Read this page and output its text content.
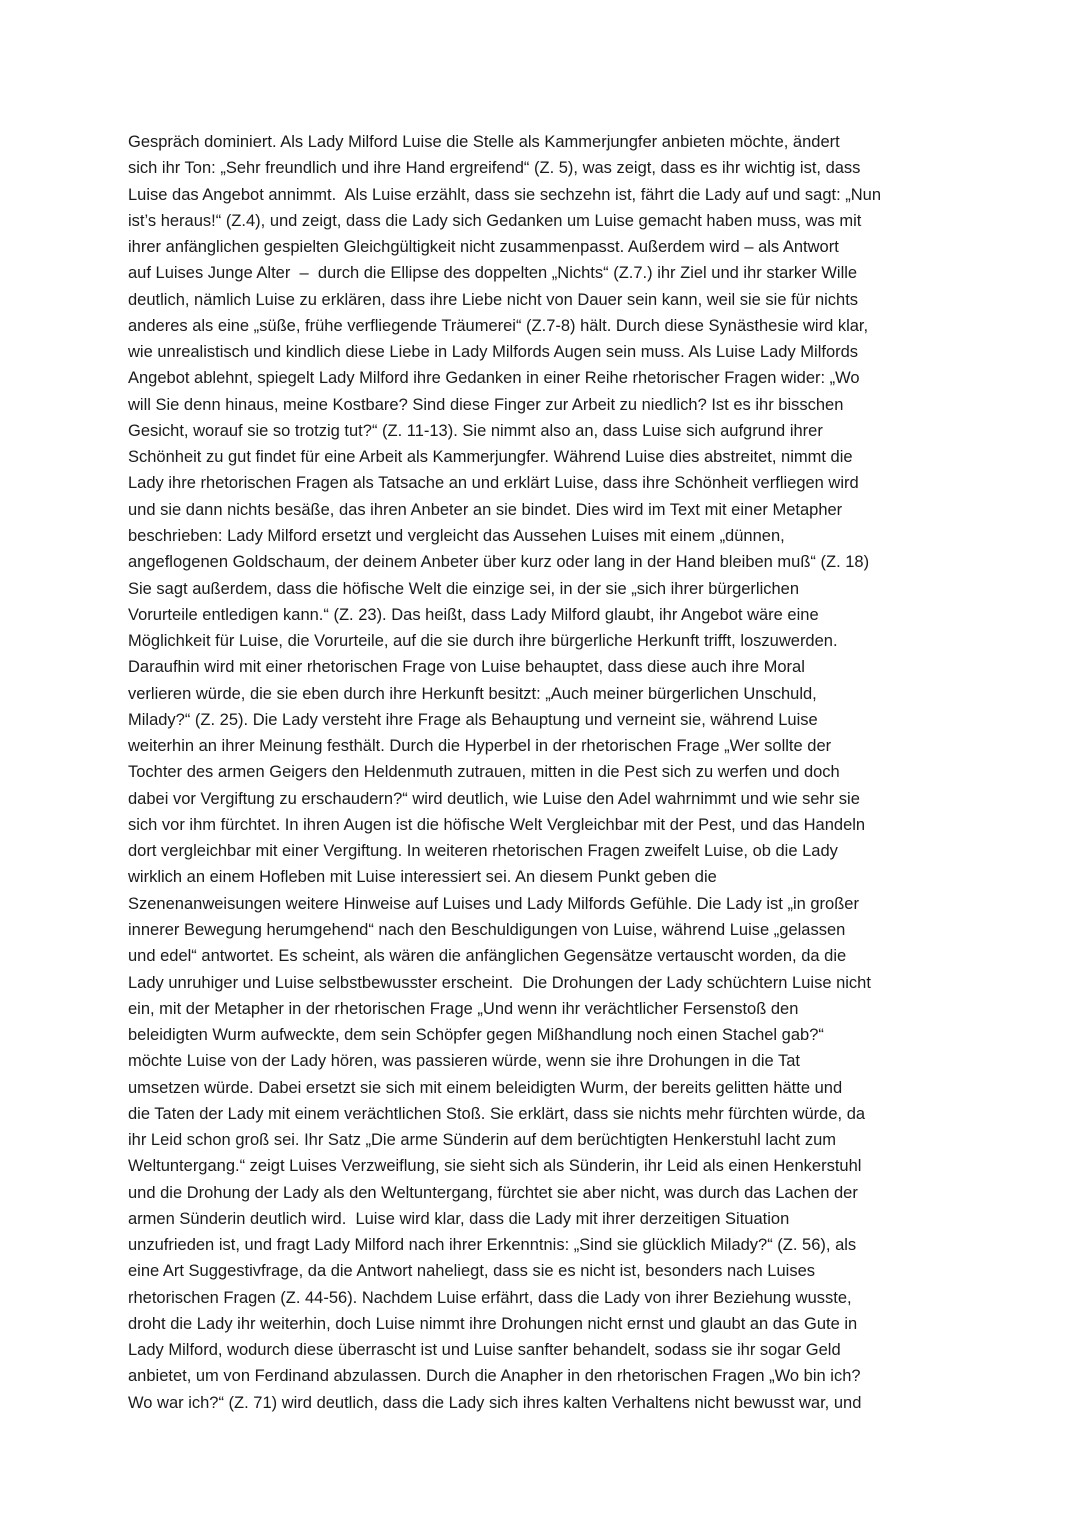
Gespräch dominiert. Als Lady Milford Luise die Stelle als Kammerjungfer anbieten möchte, ändert
sich ihr Ton: „Sehr freundlich und ihre Hand ergreifend“ (Z. 5), was zeigt, dass es ihr wichtig ist, dass
Luise das Angebot annimmt.  Als Luise erzählt, dass sie sechzehn ist, fährt die Lady auf und sagt: „Nun
ist’s heraus!“ (Z.4), und zeigt, dass die Lady sich Gedanken um Luise gemacht haben muss, was mit
ihrer anfänglichen gespielten Gleichgültigkeit nicht zusammenpasst. Außerdem wird – als Antwort
auf Luises Junge Alter  –  durch die Ellipse des doppelten „Nichts“ (Z.7.) ihr Ziel und ihr starker Wille
deutlich, nämlich Luise zu erklären, dass ihre Liebe nicht von Dauer sein kann, weil sie sie für nichts
anderes als eine „süße, frühe verfliegende Träumerei“ (Z.7-8) hält. Durch diese Synästhesie wird klar,
wie unrealistisch und kindlich diese Liebe in Lady Milfords Augen sein muss. Als Luise Lady Milfords
Angebot ablehnt, spiegelt Lady Milford ihre Gedanken in einer Reihe rhetorischer Fragen wider: „Wo
will Sie denn hinaus, meine Kostbare? Sind diese Finger zur Arbeit zu niedlich? Ist es ihr bisschen
Gesicht, worauf sie so trotzig tut?“ (Z. 11-13). Sie nimmt also an, dass Luise sich aufgrund ihrer
Schönheit zu gut findet für eine Arbeit als Kammerjungfer. Während Luise dies abstreitet, nimmt die
Lady ihre rhetorischen Fragen als Tatsache an und erklärt Luise, dass ihre Schönheit verfliegen wird
und sie dann nichts besäße, das ihren Anbeter an sie bindet. Dies wird im Text mit einer Metapher
beschrieben: Lady Milford ersetzt und vergleicht das Aussehen Luises mit einem „dünnen,
angeflogenen Goldschaum, der deinem Anbeter über kurz oder lang in der Hand bleiben muß“ (Z. 18)
Sie sagt außerdem, dass die höfische Welt die einzige sei, in der sie „sich ihrer bürgerlichen
Vorurteile entledigen kann.“ (Z. 23). Das heißt, dass Lady Milford glaubt, ihr Angebot wäre eine
Möglichkeit für Luise, die Vorurteile, auf die sie durch ihre bürgerliche Herkunft trifft, loszuwerden.
Daraufhin wird mit einer rhetorischen Frage von Luise behauptet, dass diese auch ihre Moral
verlieren würde, die sie eben durch ihre Herkunft besitzt: „Auch meiner bürgerlichen Unschuld,
Milady?“ (Z. 25). Die Lady versteht ihre Frage als Behauptung und verneint sie, während Luise
weiterhin an ihrer Meinung festhält. Durch die Hyperbel in der rhetorischen Frage „Wer sollte der
Tochter des armen Geigers den Heldenmuth zutrauen, mitten in die Pest sich zu werfen und doch
dabei vor Vergiftung zu erschaudern?“ wird deutlich, wie Luise den Adel wahrnimmt und wie sehr sie
sich vor ihm fürchtet. In ihren Augen ist die höfische Welt Vergleichbar mit der Pest, und das Handeln
dort vergleichbar mit einer Vergiftung. In weiteren rhetorischen Fragen zweifelt Luise, ob die Lady
wirklich an einem Hofleben mit Luise interessiert sei. An diesem Punkt geben die
Szenenanweisungen weitere Hinweise auf Luises und Lady Milfords Gefühle. Die Lady ist „in großer
innerer Bewegung herumgehend“ nach den Beschuldigungen von Luise, während Luise „gelassen
und edel“ antwortet. Es scheint, als wären die anfänglichen Gegensätze vertauscht worden, da die
Lady unruhiger und Luise selbstbewusster erscheint.  Die Drohungen der Lady schüchtern Luise nicht
ein, mit der Metapher in der rhetorischen Frage „Und wenn ihr verächtlicher Fersenstoß den
beleidigten Wurm aufweckte, dem sein Schöpfer gegen Mißhandlung noch einen Stachel gab?“
möchte Luise von der Lady hören, was passieren würde, wenn sie ihre Drohungen in die Tat
umsetzen würde. Dabei ersetzt sie sich mit einem beleidigten Wurm, der bereits gelitten hätte und
die Taten der Lady mit einem verächtlichen Stoß. Sie erklärt, dass sie nichts mehr fürchten würde, da
ihr Leid schon groß sei. Ihr Satz „Die arme Sünderin auf dem berüchtigten Henkerstuhl lacht zum
Weltuntergang.“ zeigt Luises Verzweiflung, sie sieht sich als Sünderin, ihr Leid als einen Henkerstuhl
und die Drohung der Lady als den Weltuntergang, fürchtet sie aber nicht, was durch das Lachen der
armen Sünderin deutlich wird.  Luise wird klar, dass die Lady mit ihrer derzeitigen Situation
unzufrieden ist, und fragt Lady Milford nach ihrer Erkenntnis: „Sind sie glücklich Milady?“ (Z. 56), als
eine Art Suggestivfrage, da die Antwort naheliegt, dass sie es nicht ist, besonders nach Luises
rhetorischen Fragen (Z. 44-56). Nachdem Luise erfährt, dass die Lady von ihrer Beziehung wusste,
droht die Lady ihr weiterhin, doch Luise nimmt ihre Drohungen nicht ernst und glaubt an das Gute in
Lady Milford, wodurch diese überrascht ist und Luise sanfter behandelt, sodass sie ihr sogar Geld
anbietet, um von Ferdinand abzulassen. Durch die Anapher in den rhetorischen Fragen „Wo bin ich?
Wo war ich?“ (Z. 71) wird deutlich, dass die Lady sich ihres kalten Verhaltens nicht bewusst war, und
